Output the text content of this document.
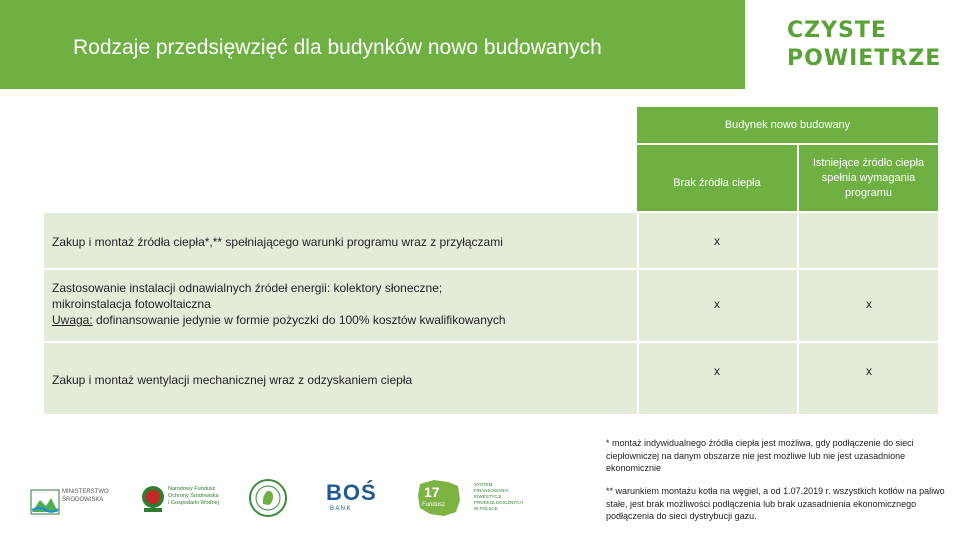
Rodzaje przedsięwzięć dla budynków nowo budowanych
CZYSTE
POWIETRZE
Budynek nowo budowany
Brak źródła ciepła
Istniejące źródło ciepła spełnia wymagania programu
Zakup i montaż źródła ciepła*,** spełniającego warunki programu wraz z przyłączami	x
Zastosowanie instalacji odnawialnych źródeł energii: kolektory słoneczne;
mikroinstalacja fotowoltaiczna
Uwaga: dofinansowanie jedynie w formie pożyczki do 100% kosztów kwalifikowanych
x	x
Zakup i montaż wentylacji mechanicznej wraz z odzyskaniem ciepła
x	x
* montaż indywidualnego źródła ciepła jest możliwa, gdy podłączenie do sieci ciepłowniczej na danym obszarze nie jest możliwe lub nie jest uzasadnione ekonomicznie
** warunkiem montażu kotła na węgiel, a od 1.07.2019 r. wszystkich kotłów na paliwo stałe, jest brak możliwości podłączenia lub brak uzasadnienia ekonomicznego podłączenia do sieci dystrybucji gazu.
MINISTERSTWO
ŚRODOWISKA
Narodowy Fundusz
Ochrony Środowiska
i Gospodarki Wodnej	BOŚ
B A N K
17
Fundusz
SYSTEM
FINANSOWANIA
INWESTYCJI
PROEKOLOGICZNYCH
W POLSCE
